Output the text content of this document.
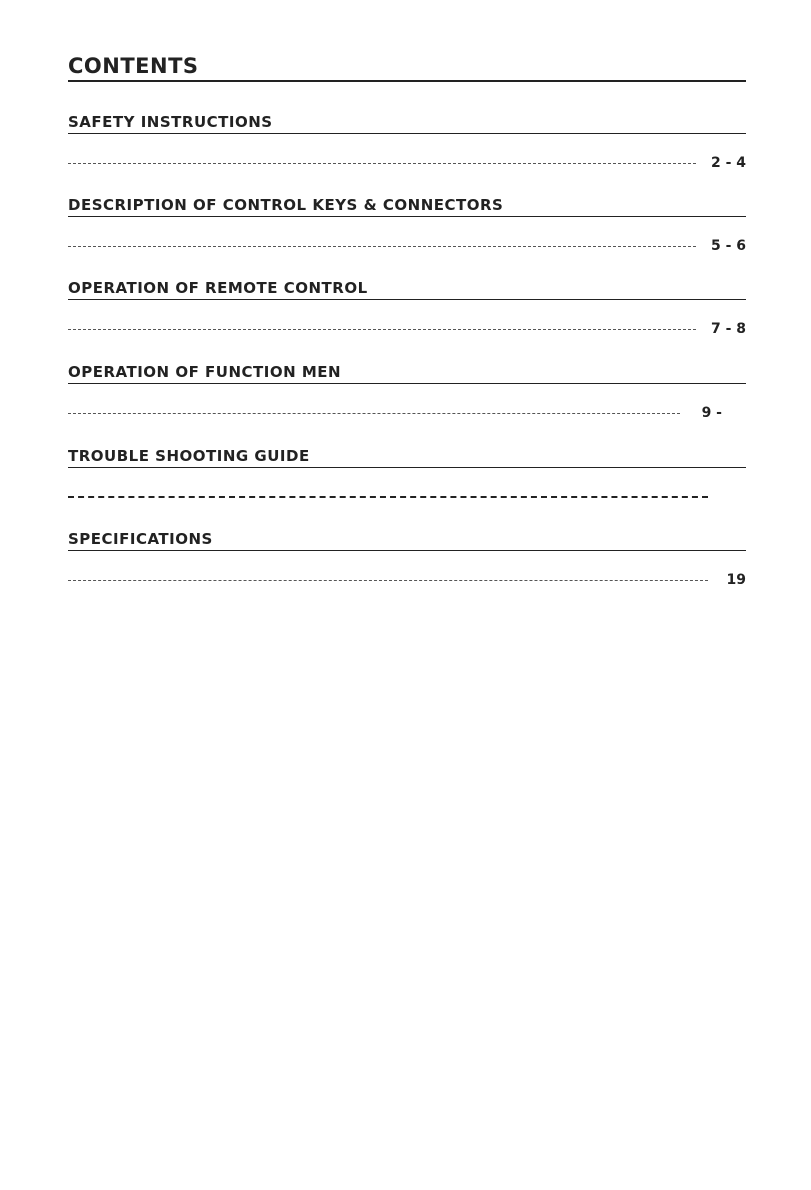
CONTENTS
SAFETY INSTRUCTIONS
2 - 4
DESCRIPTION OF CONTROL KEYS & CONNECTORS
5 - 6
OPERATION OF REMOTE CONTROL
7 - 8
OPERATION OF FUNCTION MEN
9 -
TROUBLE SHOOTING GUIDE
SPECIFICATIONS
19
